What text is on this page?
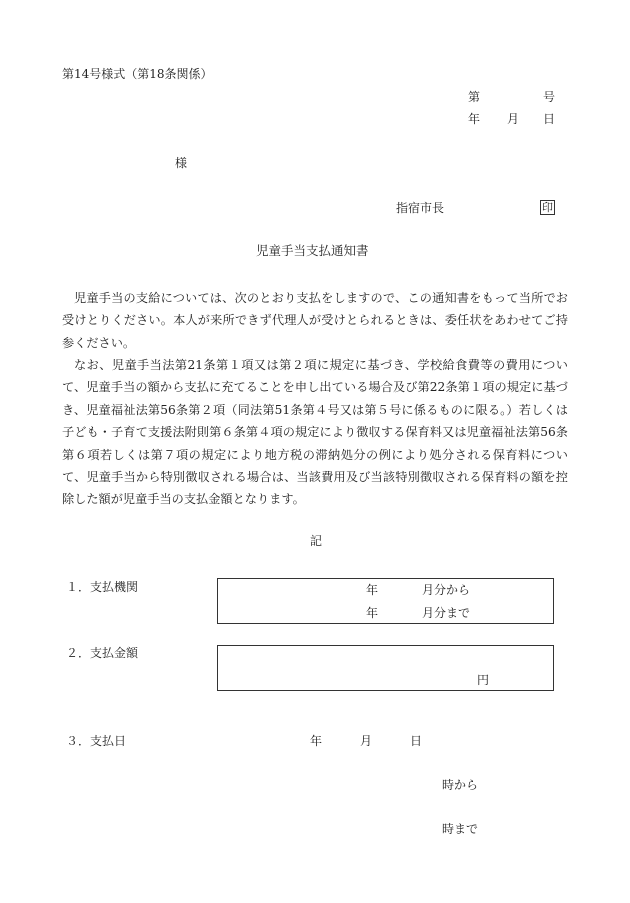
第14号様式（第18条関係）
第	号
年 月 日
様
指宿市長	印
児童手当支払通知書
児童手当の支給については、次のとおり支払をしますので、この通知書をもって当所でお受けとりください。本人が来所できず代理人が受けとられるときは、委任状をあわせてご持参ください。
なお、児童手当法第21条第１項又は第２項に規定に基づき、学校給食費等の費用について、児童手当の額から支払に充てることを申し出ている場合及び第22条第１項の規定に基づき、児童福祉法第56条第２項（同法第51条第４号又は第５号に係るものに限る。）若しくは子ども・子育て支援法附則第６条第４項の規定により徴収する保育料又は児童福祉法第56条第６項若しくは第７項の規定により地方税の滞納処分の例により処分される保育料について、児童手当から特別徴収される場合は、当該費用及び当該特別徴収される保育料の額を控除した額が児童手当の支払金額となります。
記
１．支払機関	年	月分から
年	月分まで
２．支払金額
円
３．支払日	年	月	日
時から
時まで
